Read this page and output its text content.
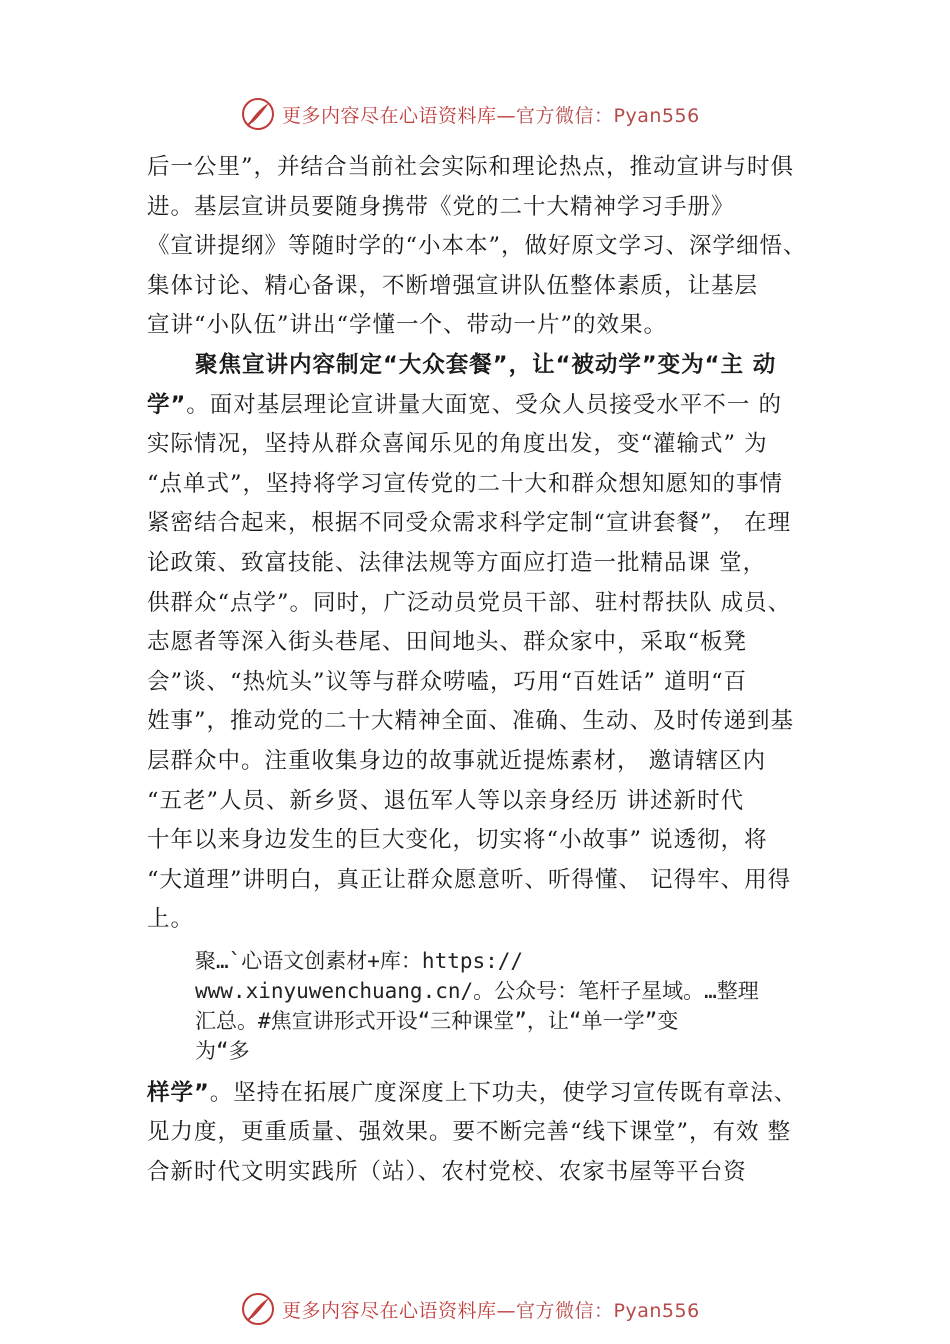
更多内容尽在心语资料库—官方微信：Pyan556
后一公里”，并结合当前社会实际和理论热点，推动宣讲与时俱
进。基层宣讲员要随身携带《党的二十大精神学习手册》
《宣讲提纲》等随时学的“小本本”，做好原文学习、深学细悟、
集体讨论、精心备课，不断增强宣讲队伍整体素质，让基层
宣讲“小队伍”讲出“学懂一个、带动一片”的效果。
聚焦宣讲内容制定“大众套餐”，让“被动学”变为“主 动
学”。面对基层理论宣讲量大面宽、受众人员接受水平不一 的
实际情况，坚持从群众喜闻乐见的角度出发，变“灌输式” 为
“点单式”，坚持将学习宣传党的二十大和群众想知愿知的事情
紧密结合起来，根据不同受众需求科学定制“宣讲套餐”， 在理
论政策、致富技能、法律法规等方面应打造一批精品课 堂，
供群众“点学”。同时，广泛动员党员干部、驻村帮扶队 成员、
志愿者等深入街头巷尾、田间地头、群众家中，采取“板凳
会”谈、“热炕头”议等与群众唠嗑，巧用“百姓话” 道明“百
姓事”，推动党的二十大精神全面、准确、生动、及时传递到基
层群众中。注重收集身边的故事就近提炼素材， 邀请辖区内
“五老”人员、新乡贤、退伍军人等以亲身经历 讲述新时代
十年以来身边发生的巨大变化，切实将“小故事” 说透彻，将
“大道理”讲明白，真正让群众愿意听、听得懂、 记得牢、用得
上。
聚…`心语文创素材+库：https://
www.xinyuwenchuang.cn/。公众号：笔杆子星域。…整理
汇总。#焦宣讲形式开设“三种课堂”，让“单一学”变
为“多
样学”。坚持在拓展广度深度上下功夫，使学习宣传既有章法、
见力度，更重质量、强效果。要不断完善“线下课堂”，有效 整
合新时代文明实践所（站）、农村党校、农家书屋等平台资
更多内容尽在心语资料库—官方微信：Pyan556
